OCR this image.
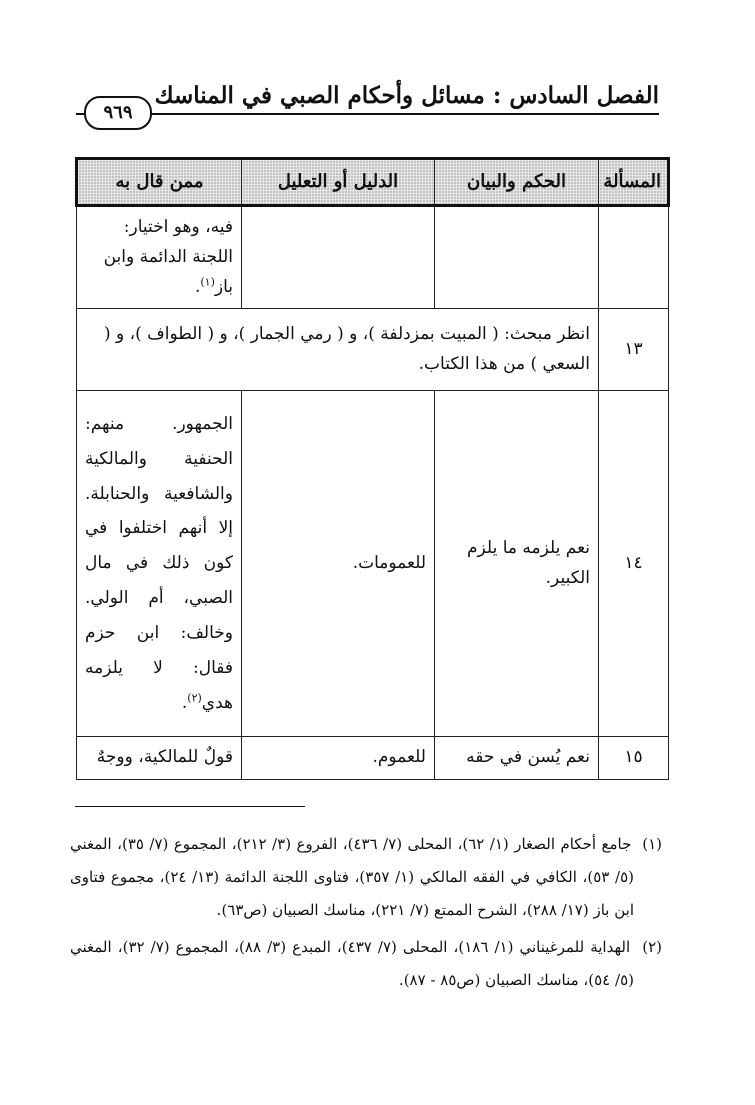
الفصل السادس : مسائل وأحكام الصبي في المناسك
٩٦٩
المسألة	الحكم والبيان	الدليل أو التعليل	ممن قال به
			فيه، وهو اختيار: اللجنة الدائمة وابن باز$^{(١)}$.
١٣	انظر مبحث: ( المبيت بمزدلفة )، و ( رمي الجمار )، و ( الطواف )، و ( السعي ) من هذا الكتاب.		
١٤	نعم يلزمه ما يلزم الكبير.	للعمومات.	الجمهور. منهم: الحنفية والمالكية والشافعية والحنابلة. إلا أنهم اختلفوا في كون ذلك في مال الصبي، أم الولي. وخالف: ابن حزم فقال: لا يلزمه هدي$^{(٢)}$.
١٥	نعم يُسن في حقه	للعموم.	قولٌ للمالكية، ووجهٌ

(١)  جامع أحكام الصغار (١/ ٦٢)، المحلى (٧/ ٤٣٦)، الفروع (٣/ ٢١٢)، المجموع (٧/ ٣٥)، المغني (٥/ ٥٣)، الكافي في الفقه المالكي (١/ ٣٥٧)، فتاوى اللجنة الدائمة (١٣/ ٢٤)، مجموع فتاوى ابن باز (١٧/ ٢٨٨)، الشرح الممتع (٧/ ٢٢١)، مناسك الصبيان (ص٦٣).

(٢)  الهداية للمرغيناني (١/ ١٨٦)، المحلى (٧/ ٤٣٧)، المبدع (٣/ ٨٨)، المجموع (٧/ ٣٢)، المغني (٥/ ٥٤)، مناسك الصبيان (ص٨٥ - ٨٧).
